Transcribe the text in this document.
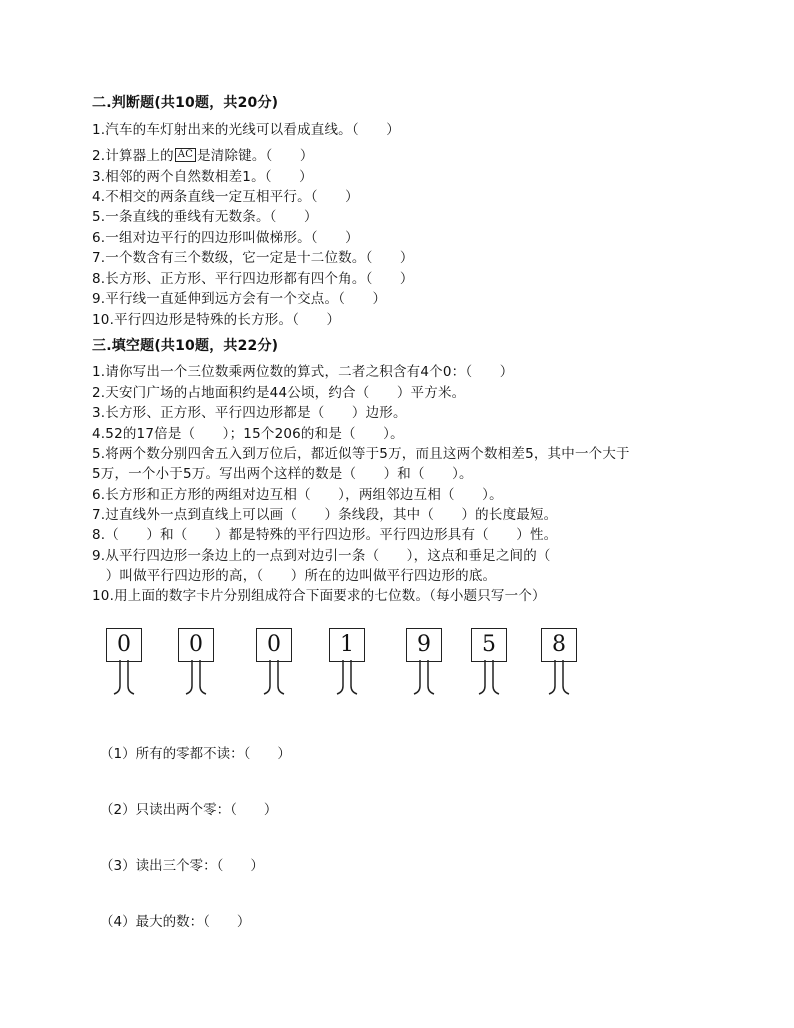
二.判断题(共10题，共20分)
1.汽车的车灯射出来的光线可以看成直线。（　　）
2.计算器上的 AC 是清除键。（　　）
3.相邻的两个自然数相差1。（　　）
4.不相交的两条直线一定互相平行。（　　）
5.一条直线的垂线有无数条。（　　）
6.一组对边平行的四边形叫做梯形。（　　）
7.一个数含有三个数级，它一定是十二位数。（　　）
8.长方形、正方形、平行四边形都有四个角。（　　）
9.平行线一直延伸到远方会有一个交点。（　　）
10.平行四边形是特殊的长方形。（　　）
三.填空题(共10题，共22分)
1.请你写出一个三位数乘两位数的算式，二者之积含有4个0：（　　）
2.天安门广场的占地面积约是44公顷，约合（　　）平方米。
3.长方形、正方形、平行四边形都是（　　）边形。
4.52的17倍是（　　）；15个206的和是（　　）。
5.将两个数分别四舍五入到万位后，都近似等于5万，而且这两个数相差5，其中一个大于
5万，一个小于5万。写出两个这样的数是（　　）和（　　）。
6.长方形和正方形的两组对边互相（　　），两组邻边互相（　　）。
7.过直线外一点到直线上可以画（　　）条线段，其中（　　）的长度最短。
8.（　　）和（　　）都是特殊的平行四边形。平行四边形具有（　　）性。
9.从平行四边形一条边上的一点到对边引一条（　　），这点和垂足之间的（
　）叫做平行四边形的高，（　　）所在的边叫做平行四边形的底。
10.用上面的数字卡片分别组成符合下面要求的七位数。（每小题只写一个）
0	0	0	1	9	5	8
（1）所有的零都不读：（　　）
（2）只读出两个零：（　　）
（3）读出三个零：（　　）
（4）最大的数：（　　）
